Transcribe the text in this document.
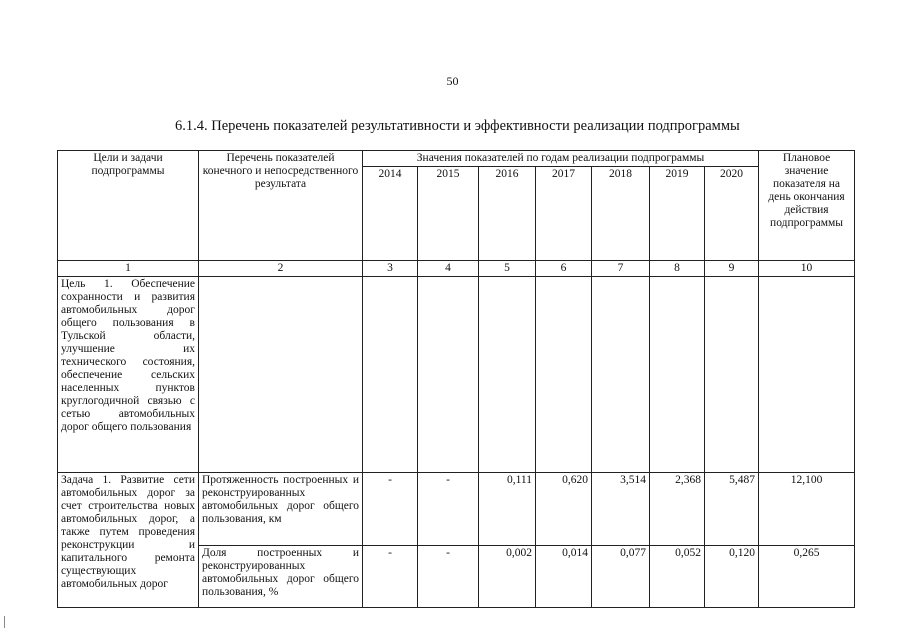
50
6.1.4. Перечень показателей результативности и эффективности реализации подпрограммы
Цели и задачи подпрограммы	Перечень показателей конечного и непосредственного результата	Значения показателей по годам реализации подпрограммы							Плановое значение показателя на день окончания действия подпрограммы
		2014	2015	2016	2017	2018	2019	2020	
1	2	3	4	5	6	7	8	9	10
Цель 1. Обеспечение сохранности и развития автомобильных дорог общего пользования в Тульской области, улучшение их технического состояния, обеспечение сельских населенных пунктов круглогодичной связью с сетью автомобильных дорог общего пользования									
Задача 1. Развитие сети автомобильных дорог за счет строительства новых автомобильных дорог, а также путем проведения реконструкции и капитального ремонта существующих автомобильных дорог	Протяженность построенных и реконструированных автомобильных дорог общего пользования, км	-	-	0,111	0,620	3,514	2,368	5,487	12,100
	Доля построенных и реконструированных автомобильных дорог общего пользования, %	-	-	0,002	0,014	0,077	0,052	0,120	0,265
